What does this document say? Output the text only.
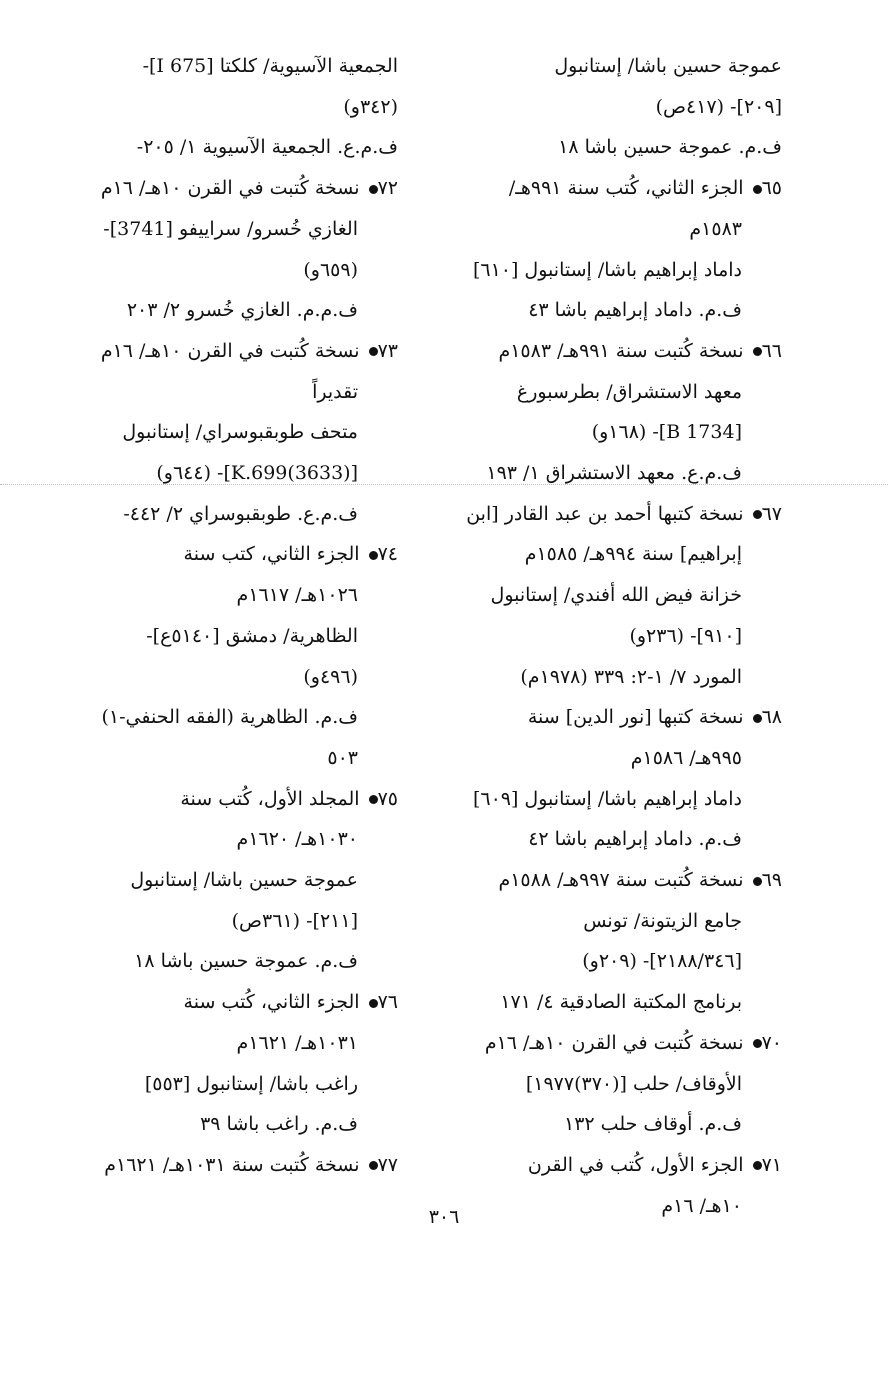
عموجة حسين باشا/ إستانبول

[٢٠٩]- (٤١٧ص)

ف.م. عموجة حسين باشا ١٨

٦٥ الجزء الثاني، كُتب سنة ٩٩١هـ/

١٥٨٣م

داماد إبراهيم باشا/ إستانبول [٦١٠]

ف.م. داماد إبراهيم باشا ٤٣

٦٦ نسخة كُتبت سنة ٩٩١هـ/ ١٥٨٣م

معهد الاستشراق/ بطرسبورغ

[B 1734]- (١٦٨و)

ف.م.ع. معهد الاستشراق ١/ ١٩٣

٦٧ نسخة كتبها أحمد بن عبد القادر [ابن

إبراهيم] سنة ٩٩٤هـ/ ١٥٨٥م

خزانة فيض الله أفندي/ إستانبول

[٩١٠]- (٢٣٦و)

المورد ٧/ ١-٢: ٣٣٩ (١٩٧٨م)

٦٨ نسخة كتبها [نور الدين] سنة

٩٩٥هـ/ ١٥٨٦م

داماد إبراهيم باشا/ إستانبول [٦٠٩]

ف.م. داماد إبراهيم باشا ٤٢

٦٩ نسخة كُتبت سنة ٩٩٧هـ/ ١٥٨٨م

جامع الزيتونة/ تونس

[٢١٨٨/٣٤٦]- (٢٠٩و)

برنامج المكتبة الصادقية ٤/ ١٧١

٧٠ نسخة كُتبت في القرن ١٠هـ/ ١٦م

الأوقاف/ حلب [(٣٧٠)١٩٧٧]

ف.م. أوقاف حلب ١٣٢

٧١ الجزء الأول، كُتب في القرن

١٠هـ/ ١٦م

الجمعية الآسيوية/ كلكتا [675 I]-

(٣٤٢و)

ف.م.ع. الجمعية الآسيوية ١/ ٢٠٥-

٧٢ نسخة كُتبت في القرن ١٠هـ/ ١٦م

الغازي خُسرو/ سراييفو [3741]-

(٦٥٩و)

ف.م.م. الغازي خُسرو ٢/ ٢٠٣

٧٣ نسخة كُتبت في القرن ١٠هـ/ ١٦م

تقديراً

متحف طوبقبوسراي/ إستانبول

[(3633)K.699]- (٦٤٤و)

ف.م.ع. طوبقبوسراي ٢/ ٤٤٢-

٧٤ الجزء الثاني، كتب سنة

١٠٢٦هـ/ ١٦١٧م

الظاهرية/ دمشق [٥١٤٠ع]-

(٤٩٦و)

ف.م. الظاهرية (الفقه الحنفي-١)

٥٠٣

٧٥ المجلد الأول، كُتب سنة

١٠٣٠هـ/ ١٦٢٠م

عموجة حسين باشا/ إستانبول

[٢١١]- (٣٦١ص)

ف.م. عموجة حسين باشا ١٨

٧٦ الجزء الثاني، كُتب سنة

١٠٣١هـ/ ١٦٢١م

راغب باشا/ إستانبول [٥٥٣]

ف.م. راغب باشا ٣٩

٧٧ نسخة كُتبت سنة ١٠٣١هـ/ ١٦٢١م

٣٠٦
